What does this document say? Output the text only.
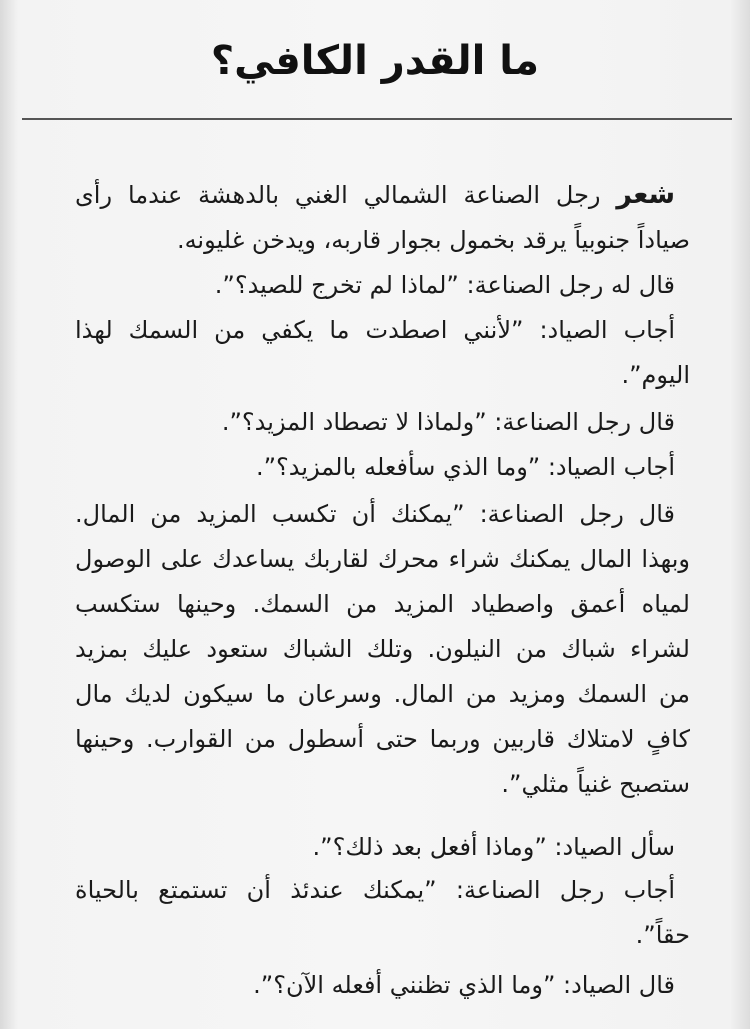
ما القدر الكافي؟
شعر رجل الصناعة الشمالي الغني بالدهشة عندما رأى
صياداً جنوبياً يرقد بخمول بجوار قاربه، ويدخن غليونه.
قال له رجل الصناعة: ”لماذا لم تخرج للصيد؟”.
أجاب الصياد: ”لأنني اصطدت ما يكفي من السمك لهذا
اليوم”.
قال رجل الصناعة: ”ولماذا لا تصطاد المزيد؟”.
أجاب الصياد: ”وما الذي سأفعله بالمزيد؟”.
قال رجل الصناعة: ”يمكنك أن تكسب المزيد من المال.
وبهذا المال يمكنك شراء محرك لقاربك يساعدك على الوصول
لمياه أعمق واصطياد المزيد من السمك. وحينها ستكسب
لشراء شباك من النيلون. وتلك الشباك ستعود عليك بمزيد
من السمك ومزيد من المال. وسرعان ما سيكون لديك مال
كافٍ لامتلاك قاربين وربما حتى أسطول من القوارب. وحينها
ستصبح غنياً مثلي”.
سأل الصياد: ”وماذا أفعل بعد ذلك؟”.
أجاب رجل الصناعة: ”يمكنك عندئذ أن تستمتع بالحياة
حقاً”.
قال الصياد: ”وما الذي تظنني أفعله الآن؟”.
